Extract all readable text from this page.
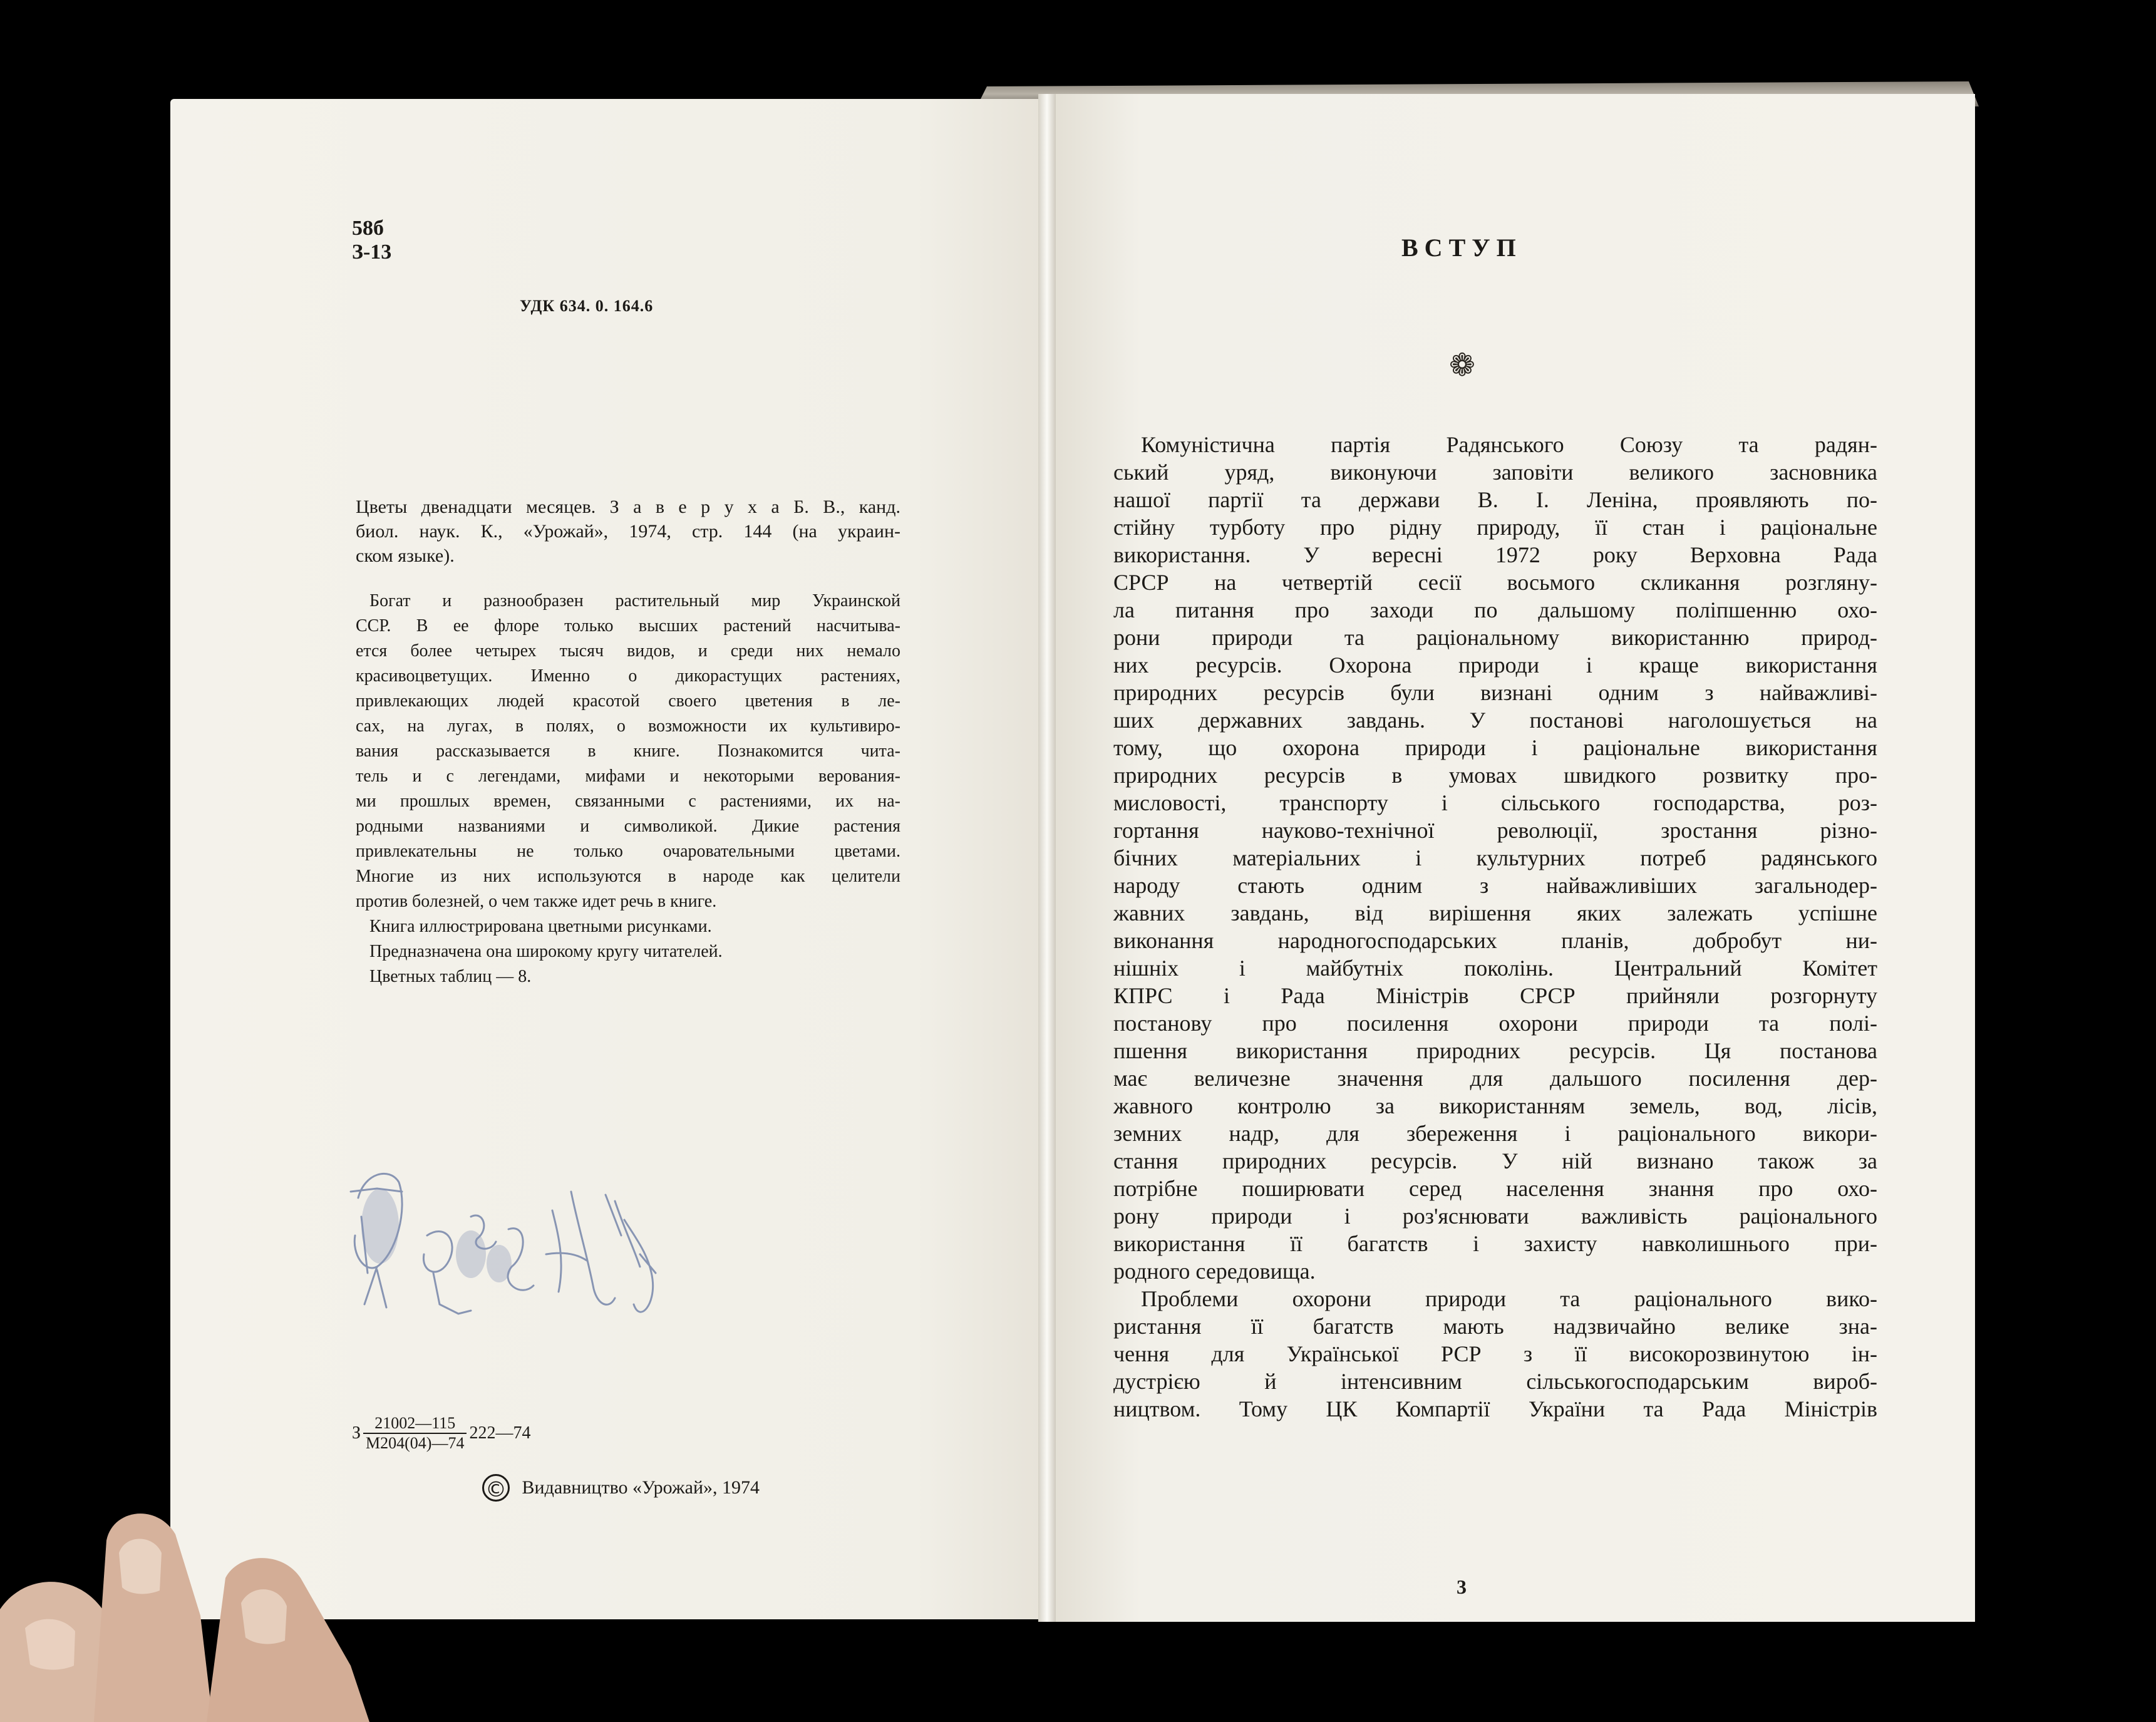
58б
З-13
УДК 634. 0. 164.6
Цветы двенадцати месяцев. З а в е р у х а Б. В., канд.
биол. наук. К., «Урожай», 1974, стр. 144 (на украин-
ском языке).
Богат и разнообразен растительный мир Украинской
ССР. В ее флоре только высших растений насчитыва-
ется более четырех тысяч видов, и среди них немало
красивоцветущих. Именно о дикорастущих растениях,
привлекающих людей красотой своего цветения в ле-
сах, на лугах, в полях, о возможности их культивиро-
вания рассказывается в книге. Познакомится чита-
тель и с легендами, мифами и некоторыми верования-
ми прошлых времен, связанными с растениями, их на-
родными названиями и символикой. Дикие растения
привлекательны не только очаровательными цветами.
Многие из них используются в народе как целители
против болезней, о чем также идет речь в книге.
Книга иллюстрирована цветными рисунками.
Предназначена она широкому кругу читателей.
Цветных таблиц — 8.
З $\frac{21002—115}{М204(04)—74}$ 222—74
© Видавництво «Урожай», 1974
ВСТУП
❁
Комуністична партія Радянського Союзу та радян-
ський уряд, виконуючи заповіти великого засновника
нашої партії та держави В. І. Леніна, проявляють по-
стійну турботу про рідну природу, її стан і раціональне
використання. У вересні 1972 року Верховна Рада
СРСР на четвертій сесії восьмого скликання розгляну-
ла питання про заходи по дальшому поліпшенню охо-
рони природи та раціональному використанню природ-
них ресурсів. Охорона природи і краще використання
природних ресурсів були визнані одним з найважливі-
ших державних завдань. У постанові наголошується на
тому, що охорона природи і раціональне використання
природних ресурсів в умовах швидкого розвитку про-
мисловості, транспорту і сільського господарства, роз-
гортання науково-технічної революції, зростання різно-
бічних матеріальних і культурних потреб радянського
народу стають одним з найважливіших загальнодер-
жавних завдань, від вирішення яких залежать успішне
виконання народногосподарських планів, добробут ни-
нішніх і майбутніх поколінь. Центральний Комітет
КПРС і Рада Міністрів СРСР прийняли розгорнуту
постанову про посилення охорони природи та полі-
пшення використання природних ресурсів. Ця постанова
має величезне значення для дальшого посилення дер-
жавного контролю за використанням земель, вод, лісів,
земних надр, для збереження і раціонального викори-
стання природних ресурсів. У ній визнано також за
потрібне поширювати серед населення знання про охо-
рону природи і роз'яснювати важливість раціонального
використання її багатств і захисту навколишнього при-
родного середовища.
Проблеми охорони природи та раціонального вико-
ристання її багатств мають надзвичайно велике зна-
чення для Української РСР з її високорозвинутою ін-
дустрією й інтенсивним сільськогосподарським вироб-
ництвом. Тому ЦК Компартії України та Рада Міністрів
3
